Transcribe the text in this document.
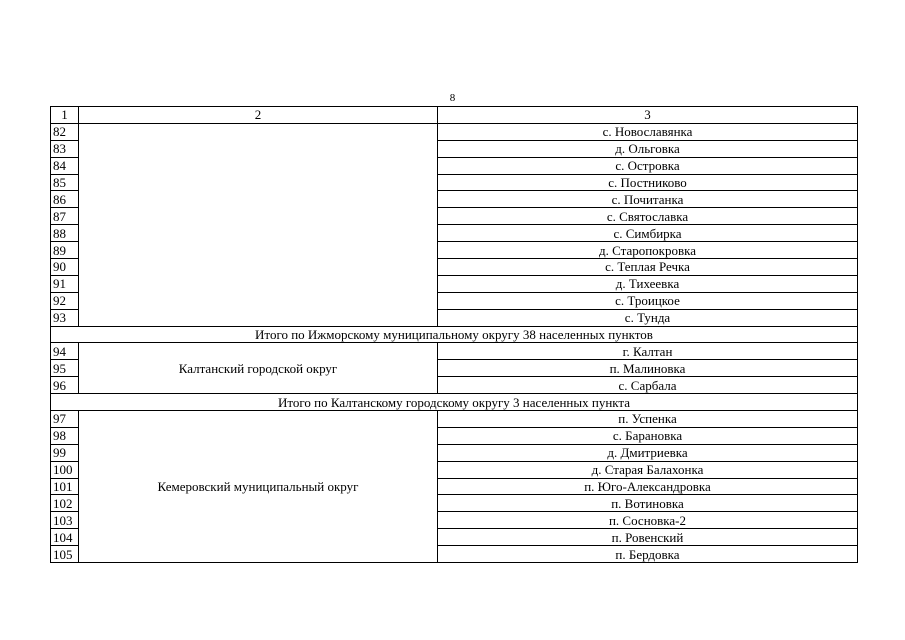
8
1	2	3
82		с. Новославянка
83		д. Ольговка
84		с. Островка
85		с. Постниково
86		с. Почитанка
87		с. Святославка
88		с. Симбирка
89		д. Старопокровка
90		с. Теплая Речка
91		д. Тихеевка
92		с. Троицкое
93		с. Тунда
Итого по Ижморскому муниципальному округу 38 населенных пунктов		
94	Калтанский городской округ	г. Калтан
95		п. Малиновка
96		с. Сарбала
Итого по Калтанскому городскому округу 3 населенных пункта		
97	Кемеровский муниципальный округ	п. Успенка
98		с. Барановка
99		д. Дмитриевка
100		д. Старая Балахонка
101		п. Юго-Александровка
102		п. Вотиновка
103		п. Сосновка-2
104		п. Ровенский
105		п. Бердовка
